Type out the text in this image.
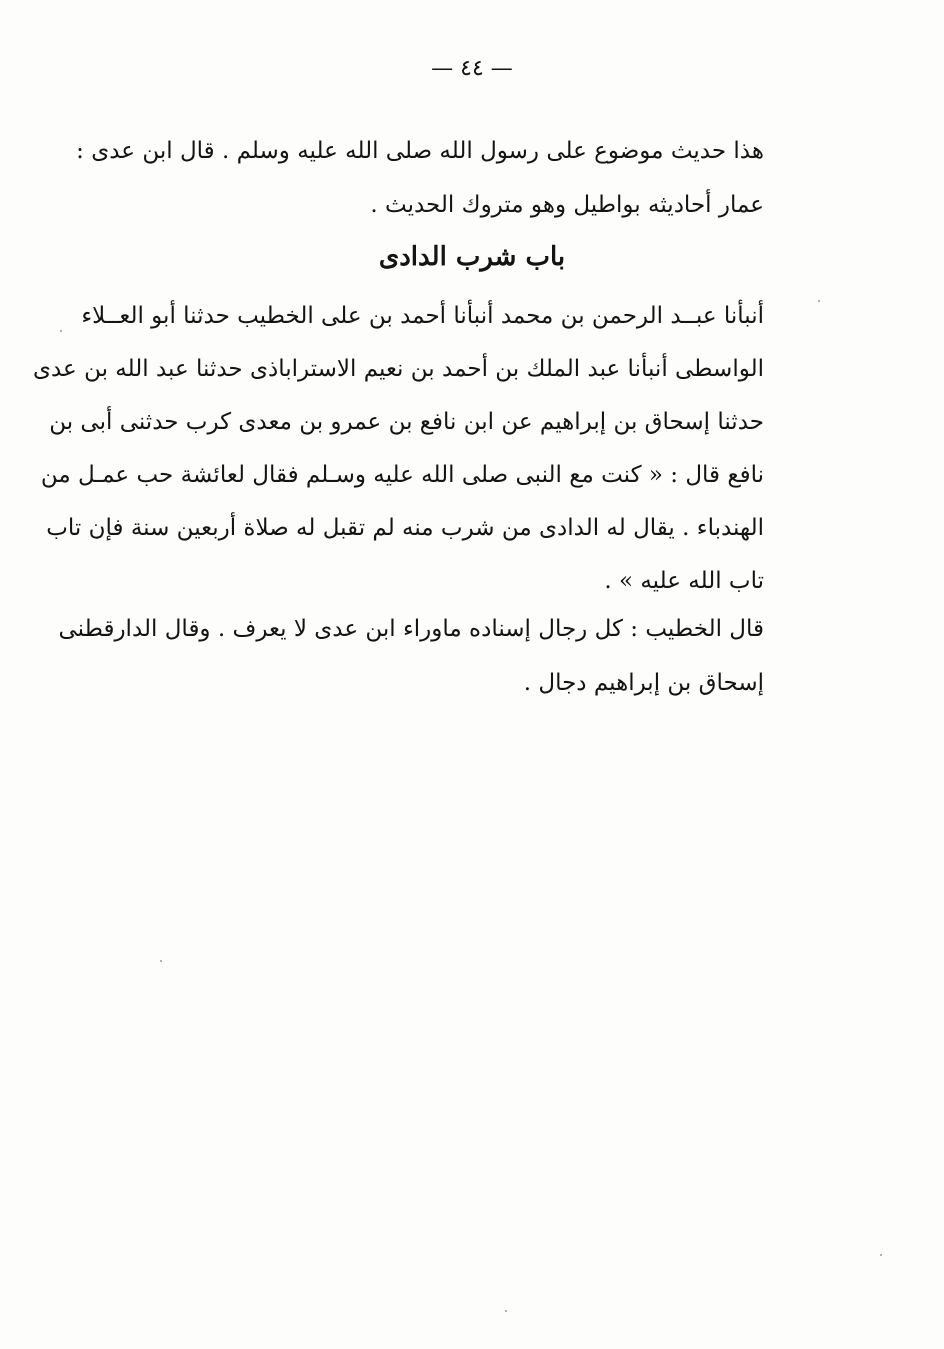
— ٤٤ —
هذا حديث موضوع على رسول الله صلى الله عليه وسلم . قال ابن عدى :
عمار أحاديثه بواطيل وهو متروك الحديث .
باب شرب الدادى
أنبأنا عبــد الرحمن بن محمد أنبأنا أحمد بن على الخطيب حدثنا أبو العــلاء
الواسطى أنبأنا عبد الملك بن أحمد بن نعيم الاستراباذى حدثنا عبد الله بن عدى
حدثنا إسحاق بن إبراهيم عن ابن نافع بن عمرو بن معدى كرب حدثنى أبى بن
نافع قال : « كنت مع النبى صلى الله عليه وسـلم فقال لعائشة حب عمـل من
الهندباء . يقال له الدادى من شرب منه لم تقبل له صلاة أربعين سنة فإن تاب
تاب الله عليه » .
قال الخطيب : كل رجال إسناده ماوراء ابن عدى لا يعرف . وقال الدارقطنى
إسحاق بن إبراهيم دجال .
